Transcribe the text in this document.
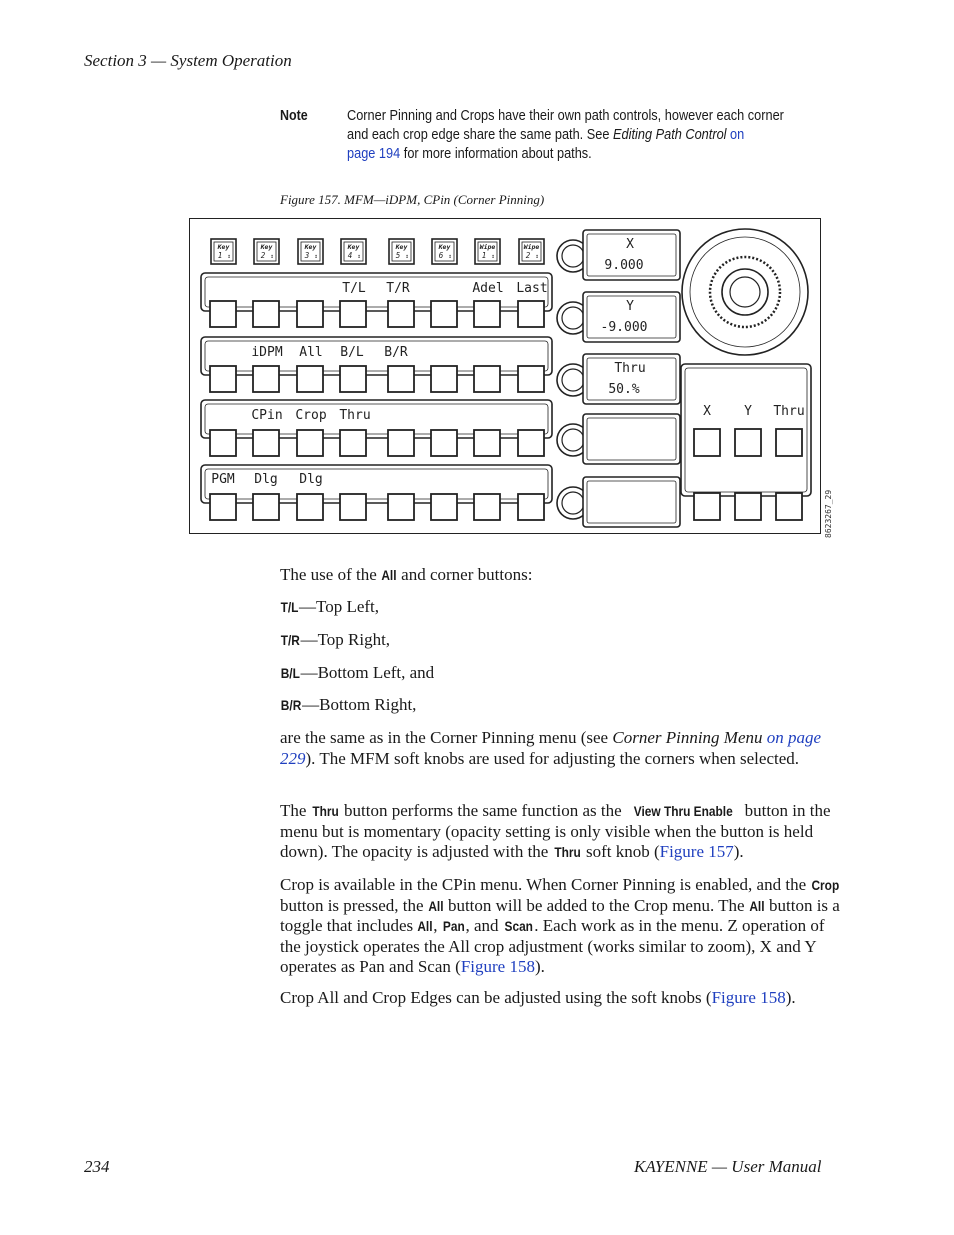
Section 3 — System Operation
Note	Corner Pinning and Crops have their own path controls, however each corner
and each crop edge share the same path. See Editing Path Control on
page 194 for more information about paths.
Figure 157. MFM—iDPM, CPin (Corner Pinning)
Key
1 ↕
Key
2 ↕
Key
3 ↕
Key
4 ↕
Key
5 ↕
Key
6 ↕
Wipe
1 ↕
Wipe
2 ↕
T/L T/R	Adel Last
iDPM All B/L B/R
CPin Crop Thru
PGM Dlg Dlg
X
9.000
Y
-9.000
Thru
50.%
X	Y Thru
8623267_29

The use of the All and corner buttons:

T/L—Top Left,
T/R—Top Right,
B/L—Bottom Left, and
B/R—Bottom Right,

are the same as in the Corner Pinning menu (see Corner Pinning Menu on page 229). The MFM soft knobs are used for adjusting the corners when selected.

The Thru button performs the same function as the View Thru Enable button in the menu but is momentary (opacity setting is only visible when the button is held down). The opacity is adjusted with the Thru soft knob (Figure 157).

Crop is available in the CPin menu. When Corner Pinning is enabled, and the Crop button is pressed, the All button will be added to the Crop menu. The All button is a toggle that includes All, Pan, and Scan. Each work as in the menu. Z operation of the joystick operates the All crop adjustment (works similar to zoom), X and Y operates as Pan and Scan (Figure 158).

Crop All and Crop Edges can be adjusted using the soft knobs (Figure 158).

234	KAYENNE — User Manual
